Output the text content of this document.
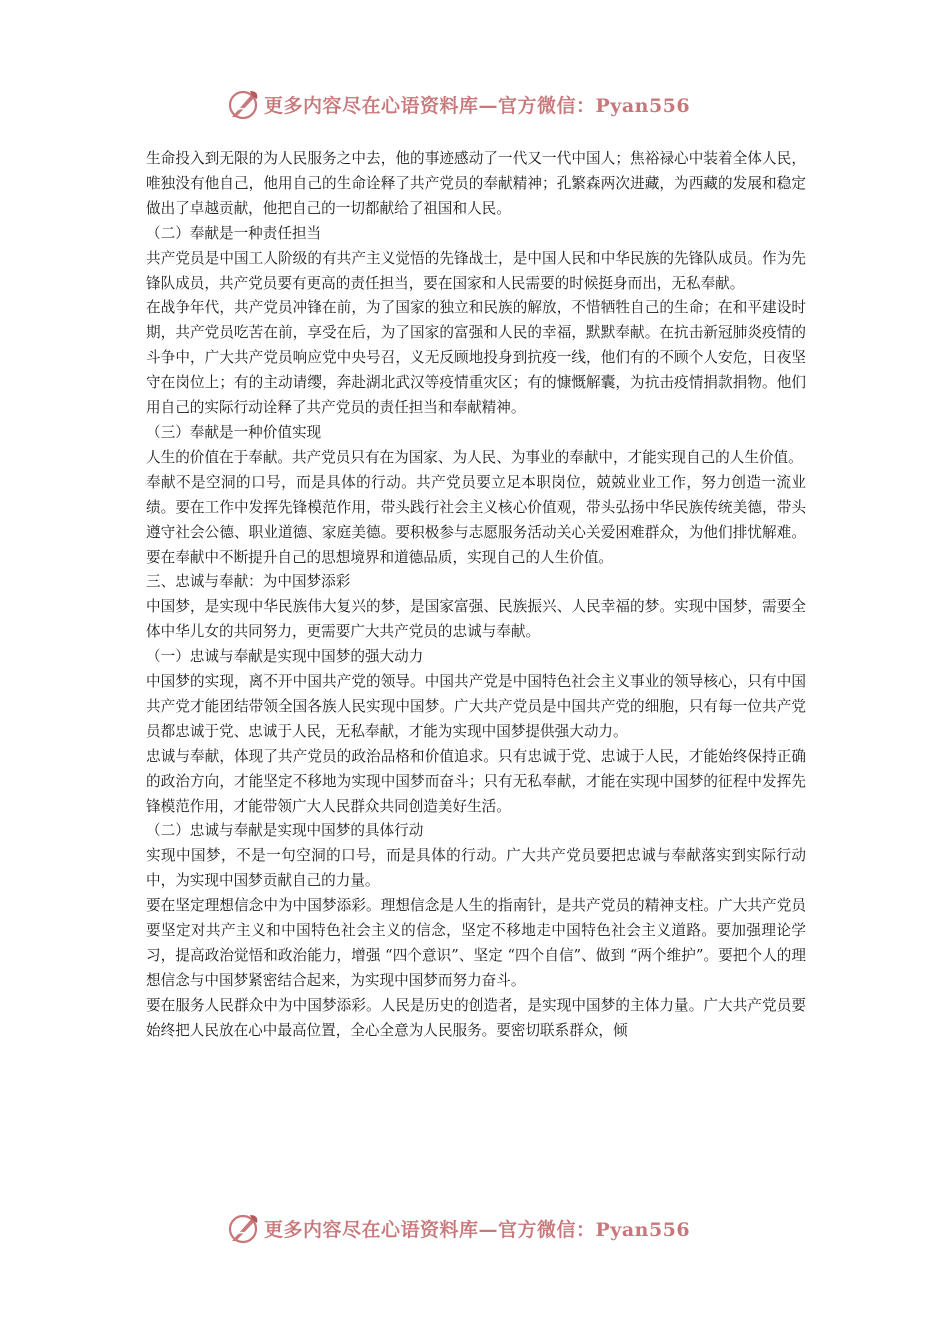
更多内容尽在心语资料库—官方微信：Pyan556

生命投入到无限的为人民服务之中去，他的事迹感动了一代又一代中国人；焦裕禄心中装着全体人民，唯独没有他自己，他用自己的生命诠释了共产党员的奉献精神；孔繁森两次进藏，为西藏的发展和稳定做出了卓越贡献，他把自己的一切都献给了祖国和人民。

（二）奉献是一种责任担当

共产党员是中国工人阶级的有共产主义觉悟的先锋战士，是中国人民和中华民族的先锋队成员。作为先锋队成员，共产党员要有更高的责任担当，要在国家和人民需要的时候挺身而出，无私奉献。

在战争年代，共产党员冲锋在前，为了国家的独立和民族的解放，不惜牺牲自己的生命；在和平建设时期，共产党员吃苦在前，享受在后，为了国家的富强和人民的幸福，默默奉献。在抗击新冠肺炎疫情的斗争中，广大共产党员响应党中央号召，义无反顾地投身到抗疫一线，他们有的不顾个人安危，日夜坚守在岗位上；有的主动请缨，奔赴湖北武汉等疫情重灾区；有的慷慨解囊，为抗击疫情捐款捐物。他们用自己的实际行动诠释了共产党员的责任担当和奉献精神。

（三）奉献是一种价值实现

人生的价值在于奉献。共产党员只有在为国家、为人民、为事业的奉献中，才能实现自己的人生价值。

奉献不是空洞的口号，而是具体的行动。共产党员要立足本职岗位，兢兢业业工作，努力创造一流业绩。要在工作中发挥先锋模范作用，带头践行社会主义核心价值观，带头弘扬中华民族传统美德，带头遵守社会公德、职业道德、家庭美德。要积极参与志愿服务活动关心关爱困难群众，为他们排忧解难。要在奉献中不断提升自己的思想境界和道德品质，实现自己的人生价值。

三、忠诚与奉献：为中国梦添彩

中国梦，是实现中华民族伟大复兴的梦，是国家富强、民族振兴、人民幸福的梦。实现中国梦，需要全体中华儿女的共同努力，更需要广大共产党员的忠诚与奉献。

（一）忠诚与奉献是实现中国梦的强大动力

中国梦的实现，离不开中国共产党的领导。中国共产党是中国特色社会主义事业的领导核心，只有中国共产党才能团结带领全国各族人民实现中国梦。广大共产党员是中国共产党的细胞，只有每一位共产党员都忠诚于党、忠诚于人民，无私奉献，才能为实现中国梦提供强大动力。

忠诚与奉献，体现了共产党员的政治品格和价值追求。只有忠诚于党、忠诚于人民，才能始终保持正确的政治方向，才能坚定不移地为实现中国梦而奋斗；只有无私奉献，才能在实现中国梦的征程中发挥先锋模范作用，才能带领广大人民群众共同创造美好生活。

（二）忠诚与奉献是实现中国梦的具体行动

实现中国梦，不是一句空洞的口号，而是具体的行动。广大共产党员要把忠诚与奉献落实到实际行动中，为实现中国梦贡献自己的力量。

要在坚定理想信念中为中国梦添彩。理想信念是人生的指南针，是共产党员的精神支柱。广大共产党员要坚定对共产主义和中国特色社会主义的信念，坚定不移地走中国特色社会主义道路。要加强理论学习，提高政治觉悟和政治能力，增强 “四个意识”、坚定 “四个自信”、做到 “两个维护”。要把个人的理想信念与中国梦紧密结合起来，为实现中国梦而努力奋斗。

要在服务人民群众中为中国梦添彩。人民是历史的创造者，是实现中国梦的主体力量。广大共产党员要始终把人民放在心中最高位置，全心全意为人民服务。要密切联系群众，倾

更多内容尽在心语资料库—官方微信：Pyan556
